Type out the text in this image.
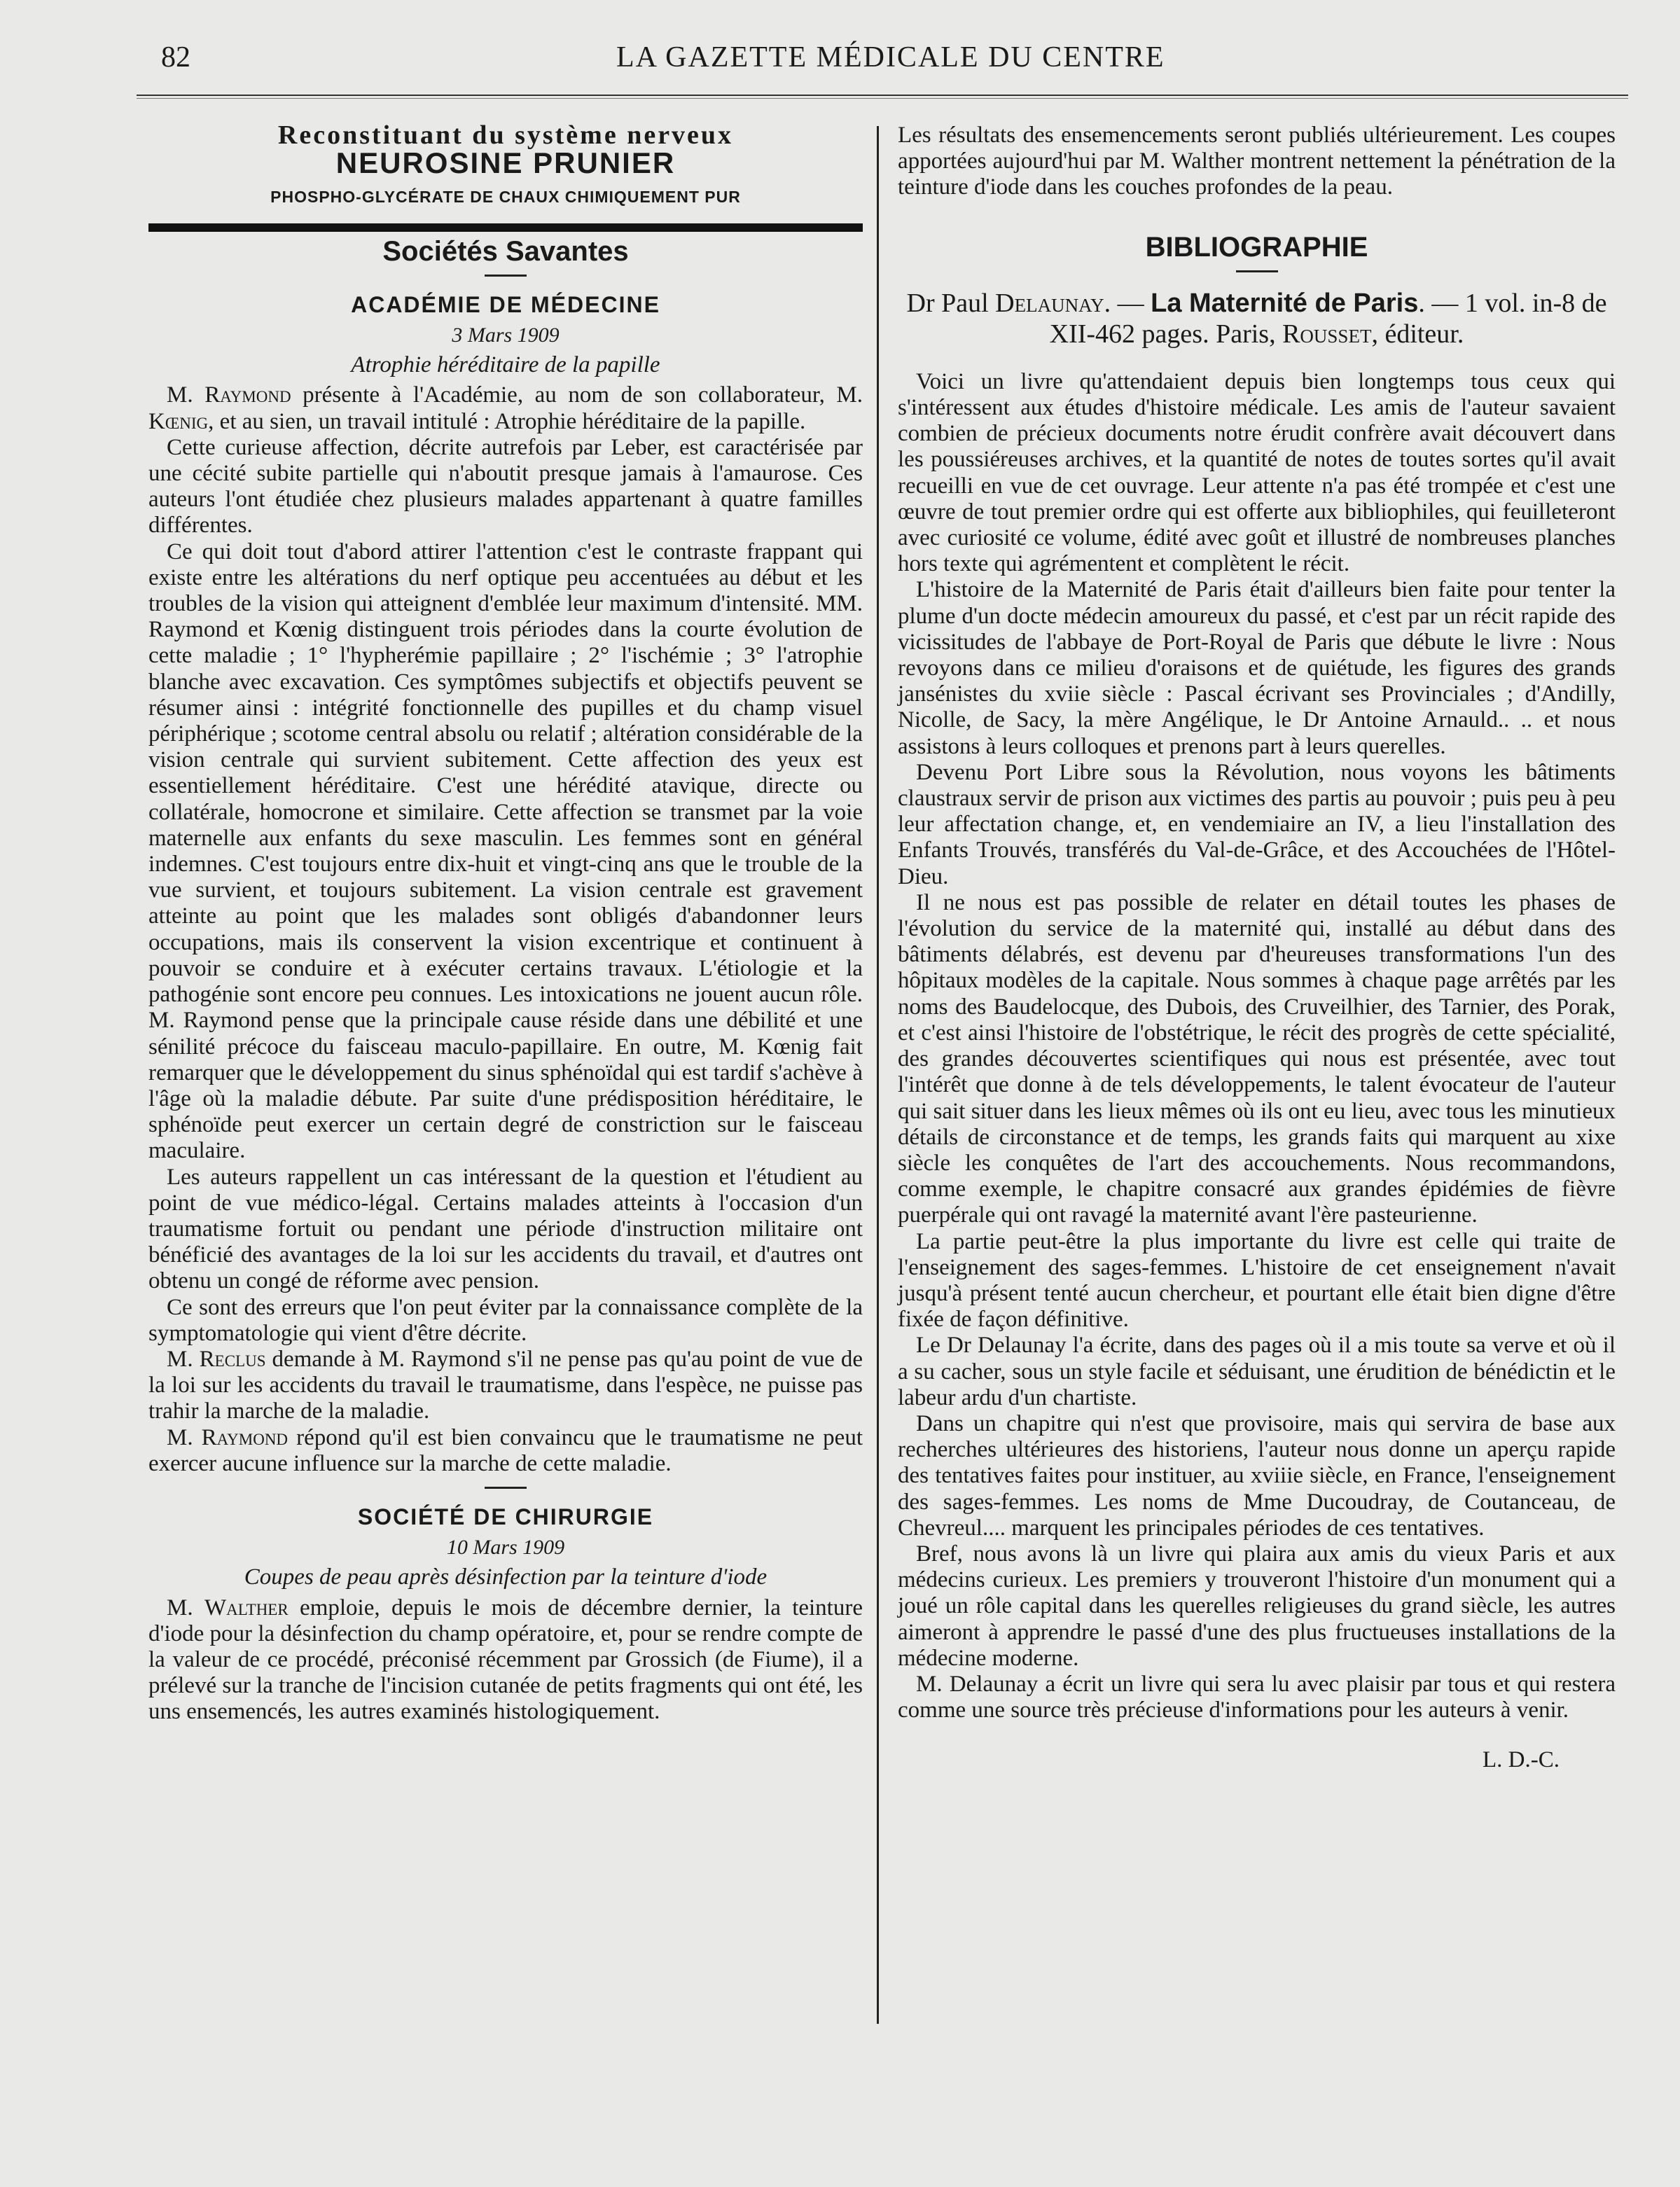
82	LA GAZETTE MÉDICALE DU CENTRE
Reconstituant du système nerveux
NEUROSINE PRUNIER
PHOSPHO-GLYCÉRATE DE CHAUX CHIMIQUEMENT PUR
Sociétés Savantes
ACADÉMIE DE MÉDECINE
3 Mars 1909
Atrophie héréditaire de la papille

M. Raymond présente à l'Académie, au nom de son collaborateur, M. Kœnig, et au sien, un travail intitulé : Atrophie héréditaire de la papille.

Cette curieuse affection, décrite autrefois par Leber, est caractérisée par une cécité subite partielle qui n'aboutit presque jamais à l'amaurose. Ces auteurs l'ont étudiée chez plusieurs malades appartenant à quatre familles différentes.

Ce qui doit tout d'abord attirer l'attention c'est le contraste frappant qui existe entre les altérations du nerf optique peu accentuées au début et les troubles de la vision qui atteignent d'emblée leur maximum d'intensité. MM. Raymond et Kœnig distinguent trois périodes dans la courte évolution de cette maladie ; 1° l'hypherémie papillaire ; 2° l'ischémie ; 3° l'atrophie blanche avec excavation. Ces symptômes subjectifs et objectifs peuvent se résumer ainsi : intégrité fonctionnelle des pupilles et du champ visuel périphérique ; scotome central absolu ou relatif ; altération considérable de la vision centrale qui survient subitement. Cette affection des yeux est essentiellement héréditaire. C'est une hérédité atavique, directe ou collatérale, homocrone et similaire. Cette affection se transmet par la voie maternelle aux enfants du sexe masculin. Les femmes sont en général indemnes. C'est toujours entre dix-huit et vingt-cinq ans que le trouble de la vue survient, et toujours subitement. La vision centrale est gravement atteinte au point que les malades sont obligés d'abandonner leurs occupations, mais ils conservent la vision excentrique et continuent à pouvoir se conduire et à exécuter certains travaux. L'étiologie et la pathogénie sont encore peu connues. Les intoxications ne jouent aucun rôle. M. Raymond pense que la principale cause réside dans une débilité et une sénilité précoce du faisceau maculo-papillaire. En outre, M. Kœnig fait remarquer que le développement du sinus sphénoïdal qui est tardif s'achève à l'âge où la maladie débute. Par suite d'une prédisposition héréditaire, le sphénoïde peut exercer un certain degré de constriction sur le faisceau maculaire.

Les auteurs rappellent un cas intéressant de la question et l'étudient au point de vue médico-légal. Certains malades atteints à l'occasion d'un traumatisme fortuit ou pendant une période d'instruction militaire ont bénéficié des avantages de la loi sur les accidents du travail, et d'autres ont obtenu un congé de réforme avec pension.

Ce sont des erreurs que l'on peut éviter par la connaissance complète de la symptomatologie qui vient d'être décrite.

M. Reclus demande à M. Raymond s'il ne pense pas qu'au point de vue de la loi sur les accidents du travail le traumatisme, dans l'espèce, ne puisse pas trahir la marche de la maladie.

M. Raymond répond qu'il est bien convaincu que le traumatisme ne peut exercer aucune influence sur la marche de cette maladie.

SOCIÉTÉ DE CHIRURGIE
10 Mars 1909
Coupes de peau après désinfection par la teinture d'iode

M. Walther emploie, depuis le mois de décembre dernier, la teinture d'iode pour la désinfection du champ opératoire, et, pour se rendre compte de la valeur de ce procédé, préconisé récemment par Grossich (de Fiume), il a prélevé sur la tranche de l'incision cutanée de petits fragments qui ont été, les uns ensemencés, les autres examinés histologiquement.

Les résultats des ensemencements seront publiés ultérieurement. Les coupes apportées aujourd'hui par M. Walther montrent nettement la pénétration de la teinture d'iode dans les couches profondes de la peau.

BIBLIOGRAPHIE
Dr Paul Delaunay. — La Maternité de Paris. — 1 vol. in-8 de XII-462 pages. Paris, Rousset, éditeur.

Voici un livre qu'attendaient depuis bien longtemps tous ceux qui s'intéressent aux études d'histoire médicale. Les amis de l'auteur savaient combien de précieux documents notre érudit confrère avait découvert dans les poussiéreuses archives, et la quantité de notes de toutes sortes qu'il avait recueilli en vue de cet ouvrage. Leur attente n'a pas été trompée et c'est une œuvre de tout premier ordre qui est offerte aux bibliophiles, qui feuilleteront avec curiosité ce volume, édité avec goût et illustré de nombreuses planches hors texte qui agrémentent et complètent le récit.

L'histoire de la Maternité de Paris était d'ailleurs bien faite pour tenter la plume d'un docte médecin amoureux du passé, et c'est par un récit rapide des vicissitudes de l'abbaye de Port-Royal de Paris que débute le livre : Nous revoyons dans ce milieu d'oraisons et de quiétude, les figures des grands jansénistes du xviie siècle : Pascal écrivant ses Provinciales ; d'Andilly, Nicolle, de Sacy, la mère Angélique, le Dr Antoine Arnauld.. .. et nous assistons à leurs colloques et prenons part à leurs querelles.

Devenu Port Libre sous la Révolution, nous voyons les bâtiments claustraux servir de prison aux victimes des partis au pouvoir ; puis peu à peu leur affectation change, et, en vendemiaire an IV, a lieu l'installation des Enfants Trouvés, transférés du Val-de-Grâce, et des Accouchées de l'Hôtel-Dieu.

Il ne nous est pas possible de relater en détail toutes les phases de l'évolution du service de la maternité qui, installé au début dans des bâtiments délabrés, est devenu par d'heureuses transformations l'un des hôpitaux modèles de la capitale. Nous sommes à chaque page arrêtés par les noms des Baudelocque, des Dubois, des Cruveilhier, des Tarnier, des Porak, et c'est ainsi l'histoire de l'obstétrique, le récit des progrès de cette spécialité, des grandes découvertes scientifiques qui nous est présentée, avec tout l'intérêt que donne à de tels développements, le talent évocateur de l'auteur qui sait situer dans les lieux mêmes où ils ont eu lieu, avec tous les minutieux détails de circonstance et de temps, les grands faits qui marquent au xixe siècle les conquêtes de l'art des accouchements. Nous recommandons, comme exemple, le chapitre consacré aux grandes épidémies de fièvre puerpérale qui ont ravagé la maternité avant l'ère pasteurienne.

La partie peut-être la plus importante du livre est celle qui traite de l'enseignement des sages-femmes. L'histoire de cet enseignement n'avait jusqu'à présent tenté aucun chercheur, et pourtant elle était bien digne d'être fixée de façon définitive.

Le Dr Delaunay l'a écrite, dans des pages où il a mis toute sa verve et où il a su cacher, sous un style facile et séduisant, une érudition de bénédictin et le labeur ardu d'un chartiste.

Dans un chapitre qui n'est que provisoire, mais qui servira de base aux recherches ultérieures des historiens, l'auteur nous donne un aperçu rapide des tentatives faites pour instituer, au xviiie siècle, en France, l'enseignement des sages-femmes. Les noms de Mme Ducoudray, de Coutanceau, de Chevreul.... marquent les principales périodes de ces tentatives.

Bref, nous avons là un livre qui plaira aux amis du vieux Paris et aux médecins curieux. Les premiers y trouveront l'histoire d'un monument qui a joué un rôle capital dans les querelles religieuses du grand siècle, les autres aimeront à apprendre le passé d'une des plus fructueuses installations de la médecine moderne.

M. Delaunay a écrit un livre qui sera lu avec plaisir par tous et qui restera comme une source très précieuse d'informations pour les auteurs à venir.

L. D.-C.
